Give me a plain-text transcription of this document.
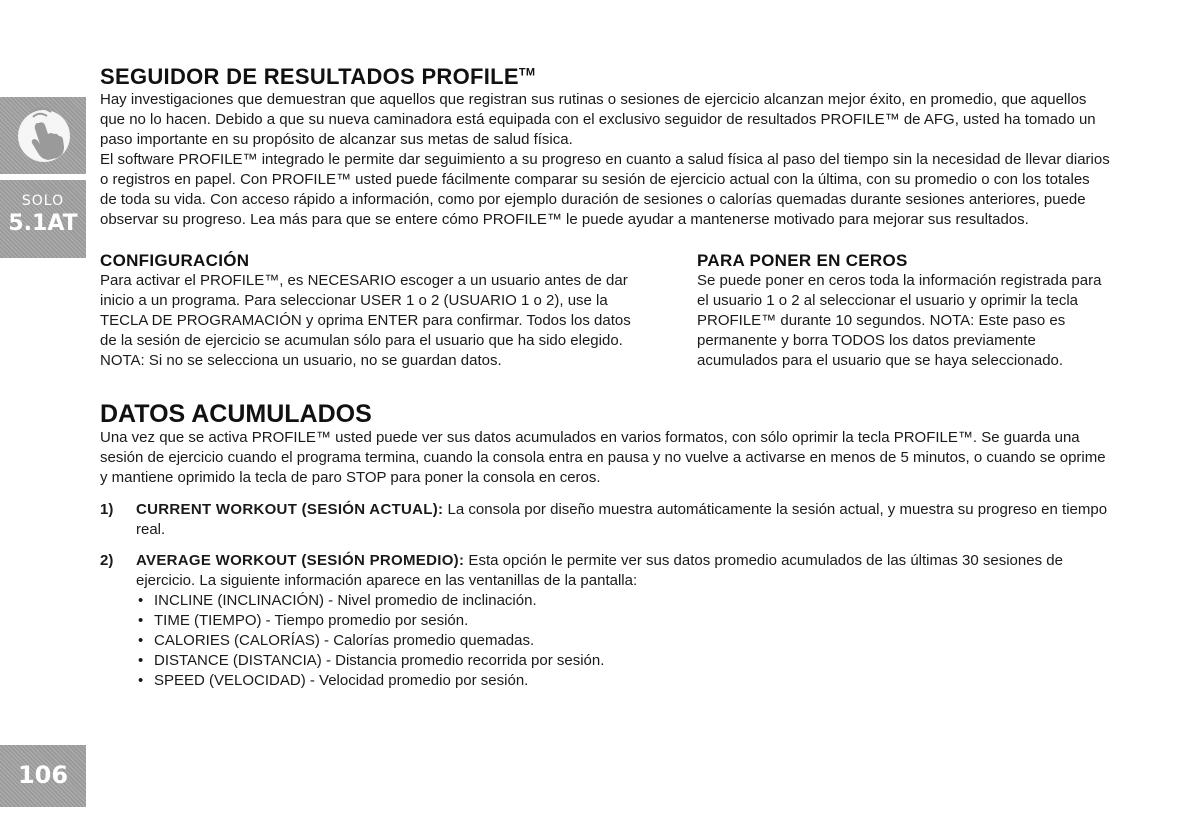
SOLO
5.1AT
106
SEGUIDOR DE RESULTADOS PROFILE™

Hay investigaciones que demuestran que aquellos que registran sus rutinas o sesiones de ejercicio alcanzan mejor éxito, en promedio, que aquellos que no lo hacen. Debido a que su nueva caminadora está equipada con el exclusivo seguidor de resultados PROFILE™ de AFG, usted ha tomado un paso importante en su propósito de alcanzar sus metas de salud física.

El software PROFILE™ integrado le permite dar seguimiento a su progreso en cuanto a salud física al paso del tiempo sin la necesidad de llevar diarios o registros en papel. Con PROFILE™ usted puede fácilmente comparar su sesión de ejercicio actual con la última, con su promedio o con los totales de toda su vida. Con acceso rápido a información, como por ejemplo duración de sesiones o calorías quemadas durante sesiones anteriores, puede observar su progreso. Lea más para que se entere cómo PROFILE™ le puede ayudar a mantenerse motivado para mejorar sus resultados.

CONFIGURACIÓN

Para activar el PROFILE™, es NECESARIO escoger a un usuario antes de dar inicio a un programa. Para seleccionar USER 1 o 2 (USUARIO 1 o 2), use la TECLA DE PROGRAMACIÓN y oprima ENTER para confirmar. Todos los datos de la sesión de ejercicio se acumulan sólo para el usuario que ha sido elegido. NOTA: Si no se selecciona un usuario, no se guardan datos.

PARA PONER EN CEROS

Se puede poner en ceros toda la información registrada para el usuario 1 o 2 al seleccionar el usuario y oprimir la tecla PROFILE™ durante 10 segundos. NOTA: Este paso es permanente y borra TODOS los datos previamente acumulados para el usuario que se haya seleccionado.

DATOS ACUMULADOS

Una vez que se activa PROFILE™ usted puede ver sus datos acumulados en varios formatos, con sólo oprimir la tecla PROFILE™. Se guarda una sesión de ejercicio cuando el programa termina, cuando la consola entra en pausa y no vuelve a activarse en menos de 5 minutos, o cuando se oprime y mantiene oprimido la tecla de paro STOP para poner la consola en ceros.

1) CURRENT WORKOUT (SESIÓN ACTUAL): La consola por diseño muestra automáticamente la sesión actual, y muestra su progreso en tiempo real.
2) AVERAGE WORKOUT (SESIÓN PROMEDIO): Esta opción le permite ver sus datos promedio acumulados de las últimas 30 sesiones de ejercicio. La siguiente información aparece en las ventanillas de la pantalla:
• INCLINE (INCLINACIÓN) - Nivel promedio de inclinación.
• TIME (TIEMPO) - Tiempo promedio por sesión.
• CALORIES (CALORÍAS) - Calorías promedio quemadas.
• DISTANCE (DISTANCIA) - Distancia promedio recorrida por sesión.
• SPEED (VELOCIDAD) - Velocidad promedio por sesión.
